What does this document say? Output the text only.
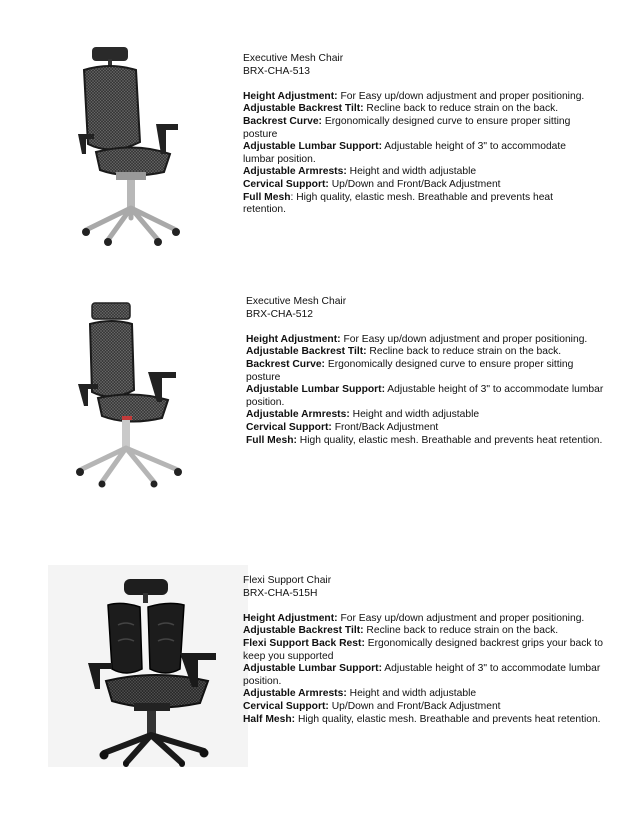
Executive Mesh Chair
BRX-CHA-513
Height Adjustment: For Easy up/down adjustment and proper positioning.
Adjustable Backrest Tilt: Recline back to reduce strain on the back.
Backrest Curve: Ergonomically designed curve to ensure proper sitting posture
Adjustable Lumbar Support: Adjustable height of 3" to accommodate lumbar position.
Adjustable Armrests: Height and width adjustable
Cervical Support: Up/Down and Front/Back Adjustment
Full Mesh: High quality, elastic mesh. Breathable and prevents heat retention.
Executive Mesh Chair
BRX-CHA-512
Height Adjustment: For Easy up/down adjustment and proper positioning.
Adjustable Backrest Tilt: Recline back to reduce strain on the back.
Backrest Curve: Ergonomically designed curve to ensure proper sitting posture
Adjustable Lumbar Support: Adjustable height of 3" to accommodate lumbar position.
Adjustable Armrests: Height and width adjustable
Cervical Support: Front/Back Adjustment
Full Mesh: High quality, elastic mesh. Breathable and prevents heat retention.
Flexi Support Chair
BRX-CHA-515H
Height Adjustment: For Easy up/down adjustment and proper positioning.
Adjustable Backrest Tilt: Recline back to reduce strain on the back.
Flexi Support Back Rest: Ergonomically designed backrest grips your back to keep you supported
Adjustable Lumbar Support: Adjustable height of 3" to accommodate lumbar position.
Adjustable Armrests: Height and width adjustable
Cervical Support: Up/Down and Front/Back Adjustment
Half Mesh: High quality, elastic mesh. Breathable and prevents heat retention.
